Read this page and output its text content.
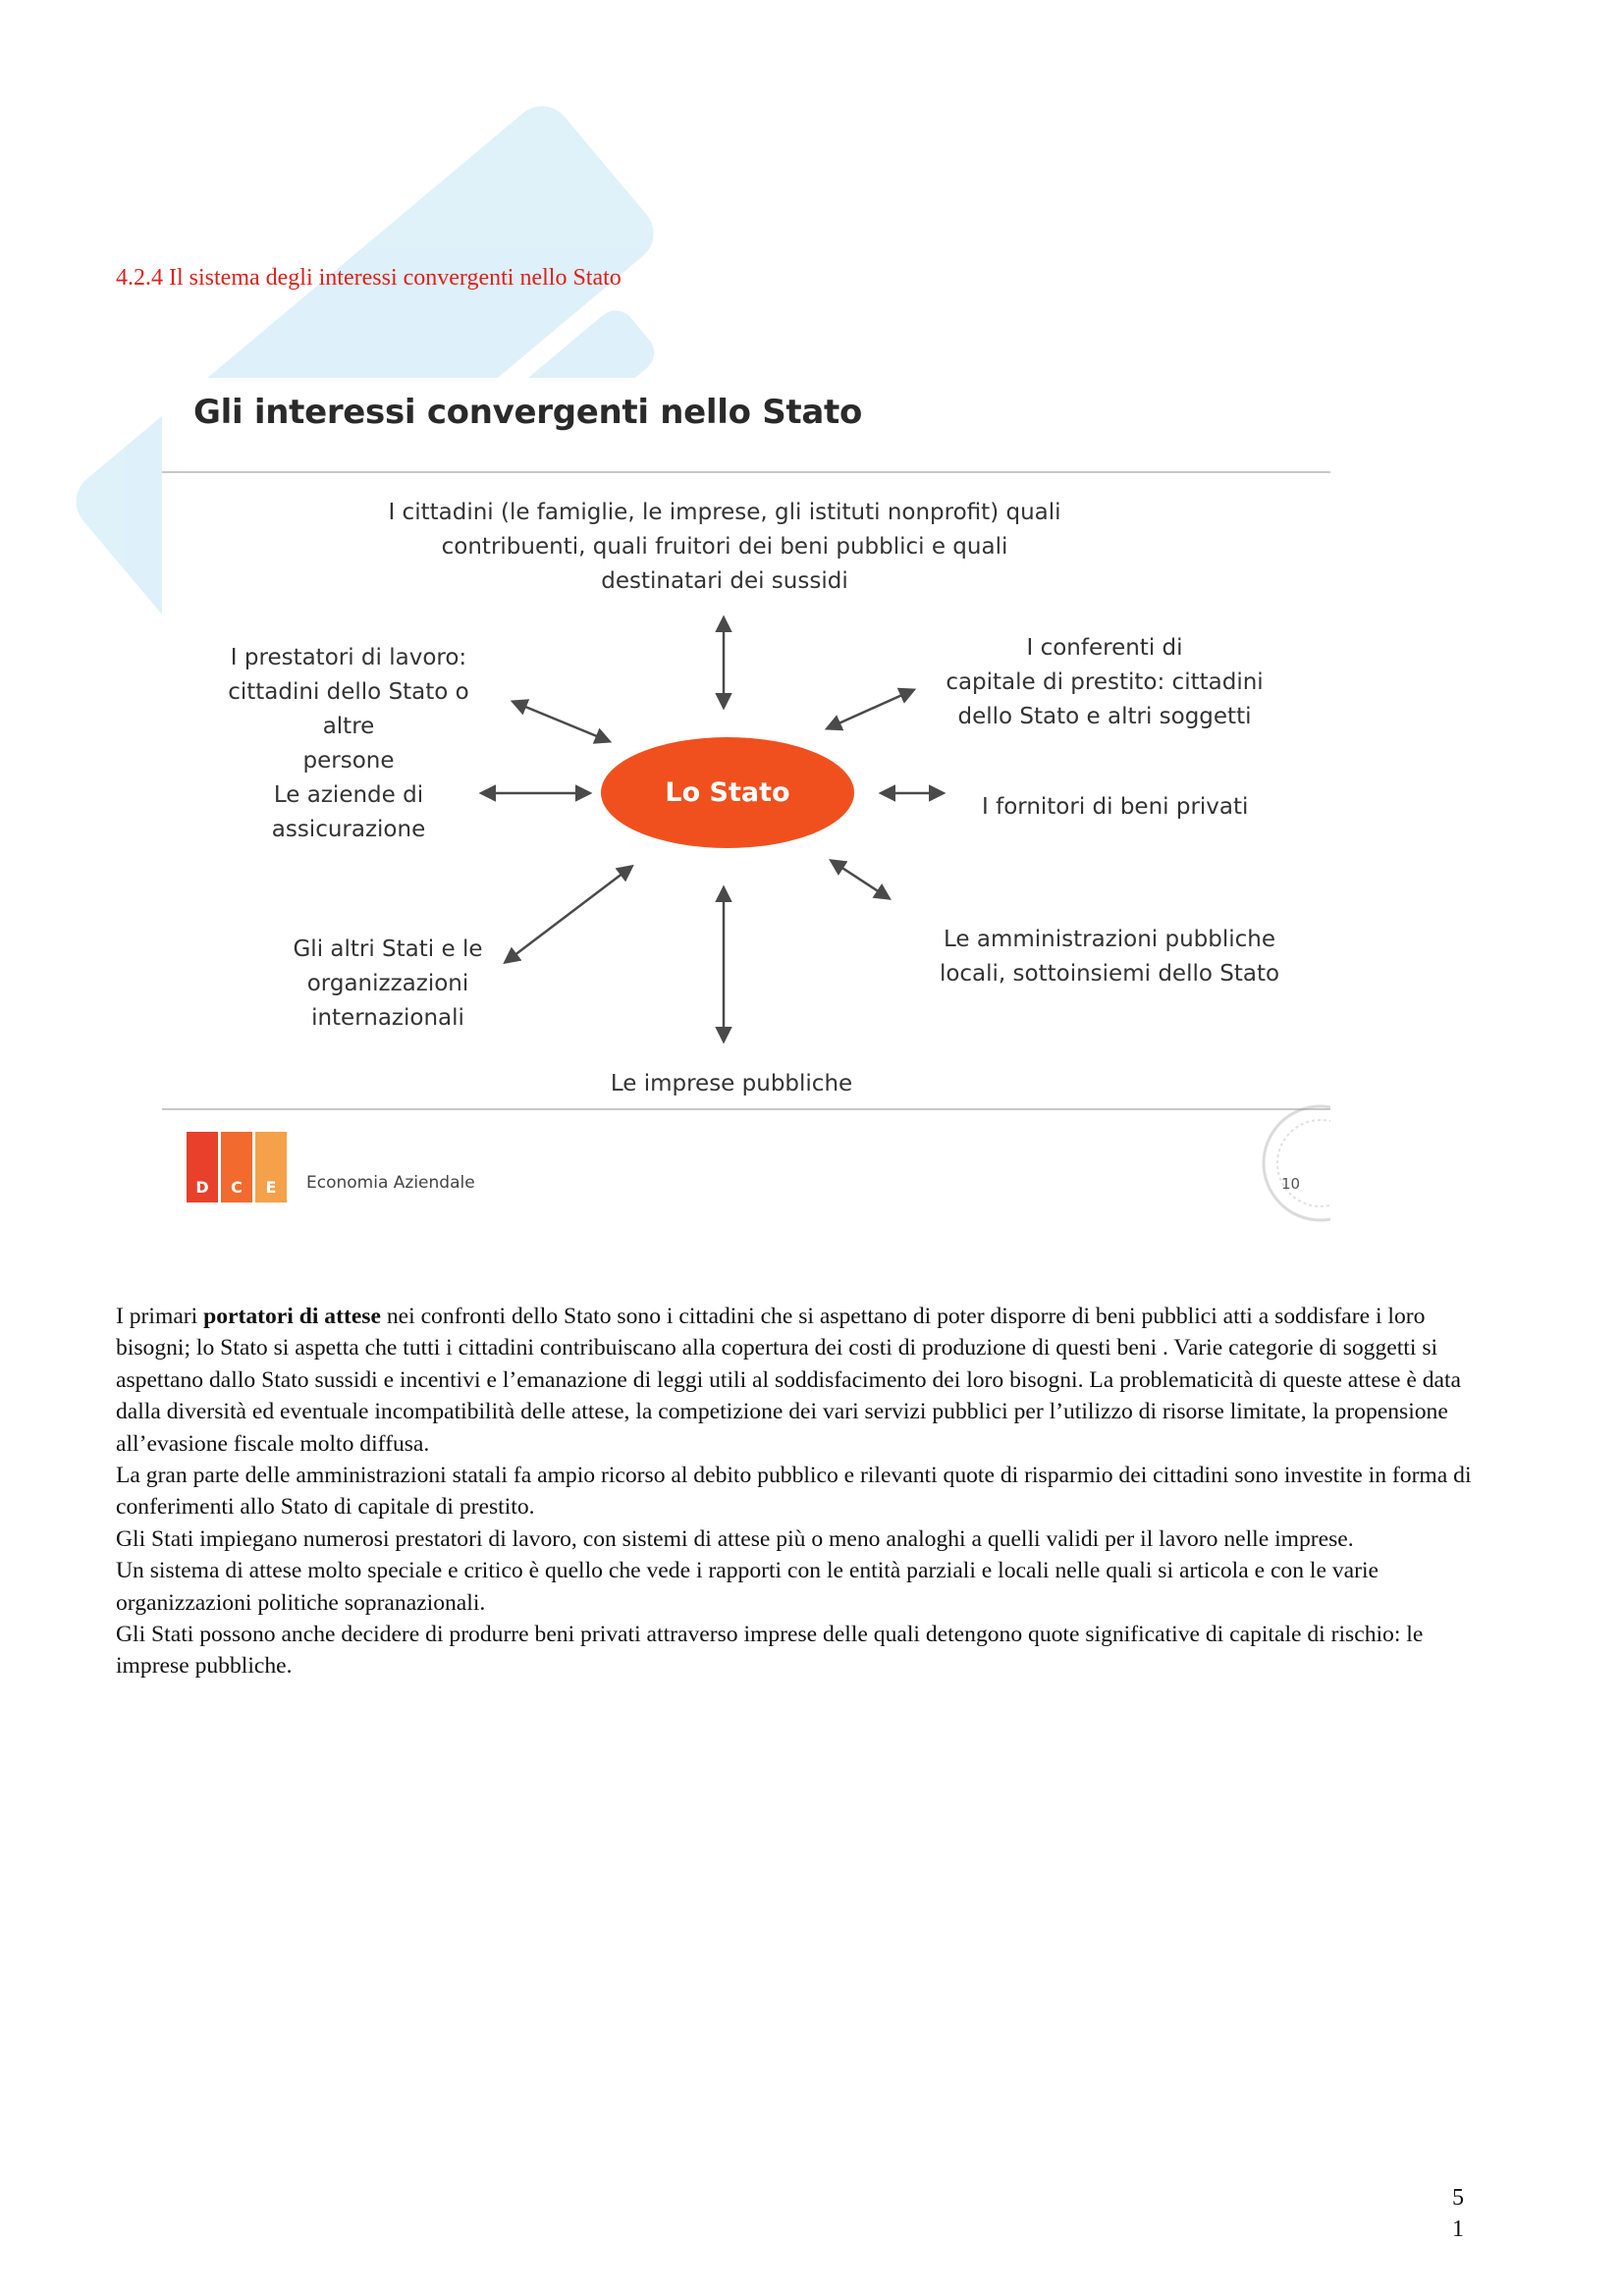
4.2.4 Il sistema degli interessi convergenti nello Stato
Gli interessi convergenti nello Stato
I cittadini (le famiglie, le imprese, gli istituti nonprofit) quali
contribuenti, quali fruitori dei beni pubblici e quali
destinatari dei sussidi
I prestatori di lavoro:
cittadini dello Stato o altre
persone
I conferenti di
capitale di prestito: cittadini
dello Stato e altri soggetti
Le aziende di
assicurazione
I fornitori di beni privati
Gli altri Stati e le
organizzazioni
internazionali
Le amministrazioni pubbliche
locali, sottoinsiemi dello Stato
Le imprese pubbliche
Lo Stato
D	C	E	Economia Aziendale	10

I primari portatori di attese nei confronti dello Stato sono i cittadini che si aspettano di poter disporre di beni pubblici atti a soddisfare i loro bisogni; lo Stato si aspetta che tutti i cittadini contribuiscano alla copertura dei costi di produzione di questi beni . Varie categorie di soggetti si aspettano dallo Stato sussidi e incentivi e l’emanazione di leggi utili al soddisfacimento dei loro bisogni. La problematicità di queste attese è data dalla diversità ed eventuale incompatibilità delle attese, la competizione dei vari servizi pubblici per l’utilizzo di risorse limitate, la propensione all’evasione fiscale molto diffusa.

La gran parte delle amministrazioni statali fa ampio ricorso al debito pubblico e rilevanti quote di risparmio dei cittadini sono investite in forma di conferimenti allo Stato di capitale di prestito.

Gli Stati impiegano numerosi prestatori di lavoro, con sistemi di attese più o meno analoghi a quelli validi per il lavoro nelle imprese.

Un sistema di attese molto speciale e critico è quello che vede i rapporti con le entità parziali e locali nelle quali si articola e con le varie organizzazioni politiche sopranazionali.

Gli Stati possono anche decidere di produrre beni privati attraverso imprese delle quali detengono quote significative di capitale di rischio: le imprese pubbliche.

5
1
